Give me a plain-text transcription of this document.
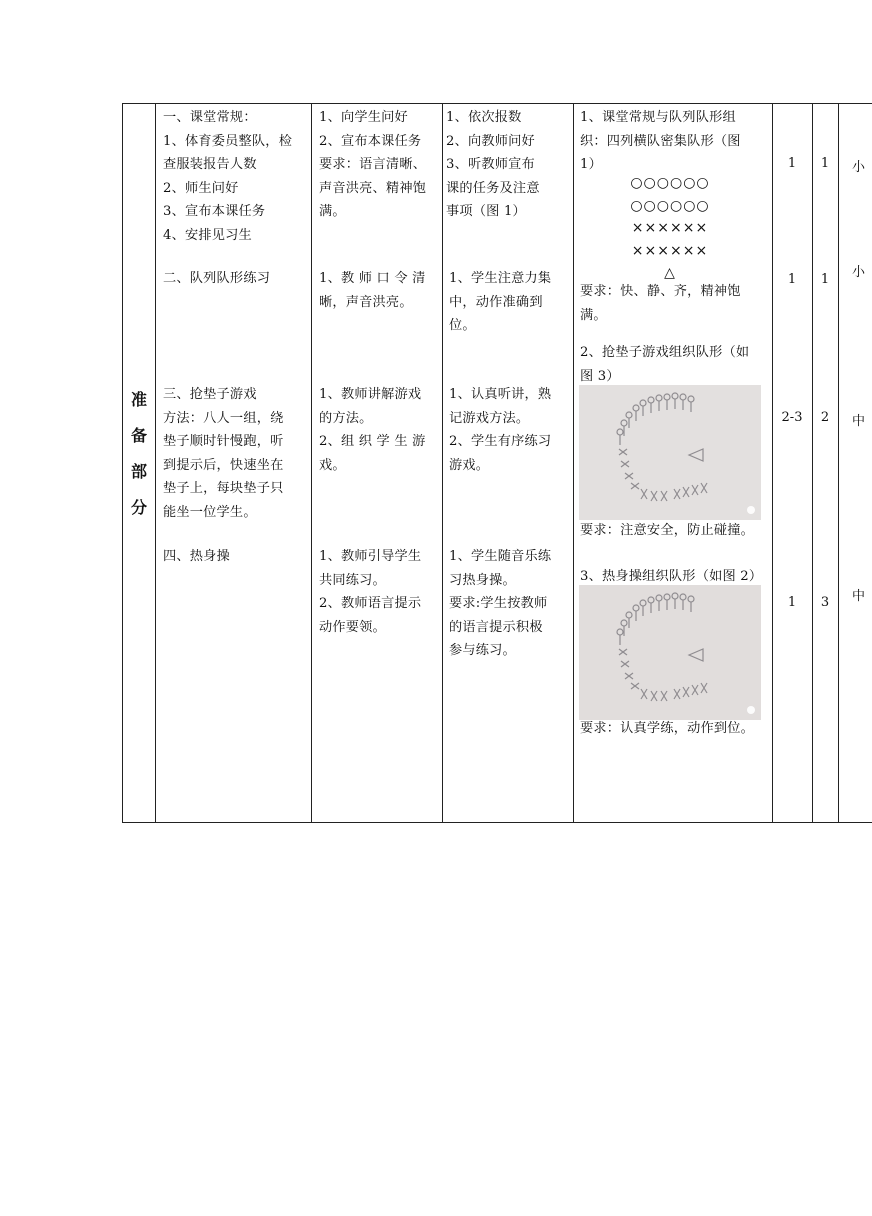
准
备
部
分
一、课堂常规：
1、体育委员整队，检
查服装报告人数
2、师生问好
3、宣布本课任务
4、安排见习生
二、队列队形练习
三、抢垫子游戏
方法：八人一组，绕
垫子顺时针慢跑，听
到提示后，快速坐在
垫子上，每块垫子只
能坐一位学生。
四、热身操
1、向学生问好
2、宣布本课任务
要求：语言清晰、
声音洪亮、精神饱
满。
1、教 师 口 令 清
晰，声音洪亮。
1、教师讲解游戏
的方法。
2、组 织 学 生 游
戏。
1、教师引导学生
共同练习。
2、教师语言提示
动作要领。
1、依次报数
2、向教师问好
3、听教师宣布
课的任务及注意
事项（图 1）
1、学生注意力集
中，动作准确到
位。
1、认真听讲，熟
记游戏方法。
2、学生有序练习
游戏。
1、学生随音乐练
习热身操。
要求:学生按教师
的语言提示积极
参与练习。
1、课堂常规与队列队形组
织：四列横队密集队形（图
1）
○○○○○○
○○○○○○
××××××
××××××
△
要求：快、静、齐，精神饱
满。
2、抢垫子游戏组织队形（如
图 3）
要求：注意安全，防止碰撞。
3、热身操组织队形（如图 2）
要求：认真学练，动作到位。
1
1
2-3
1
1
1
2
3
小
小
中
中
